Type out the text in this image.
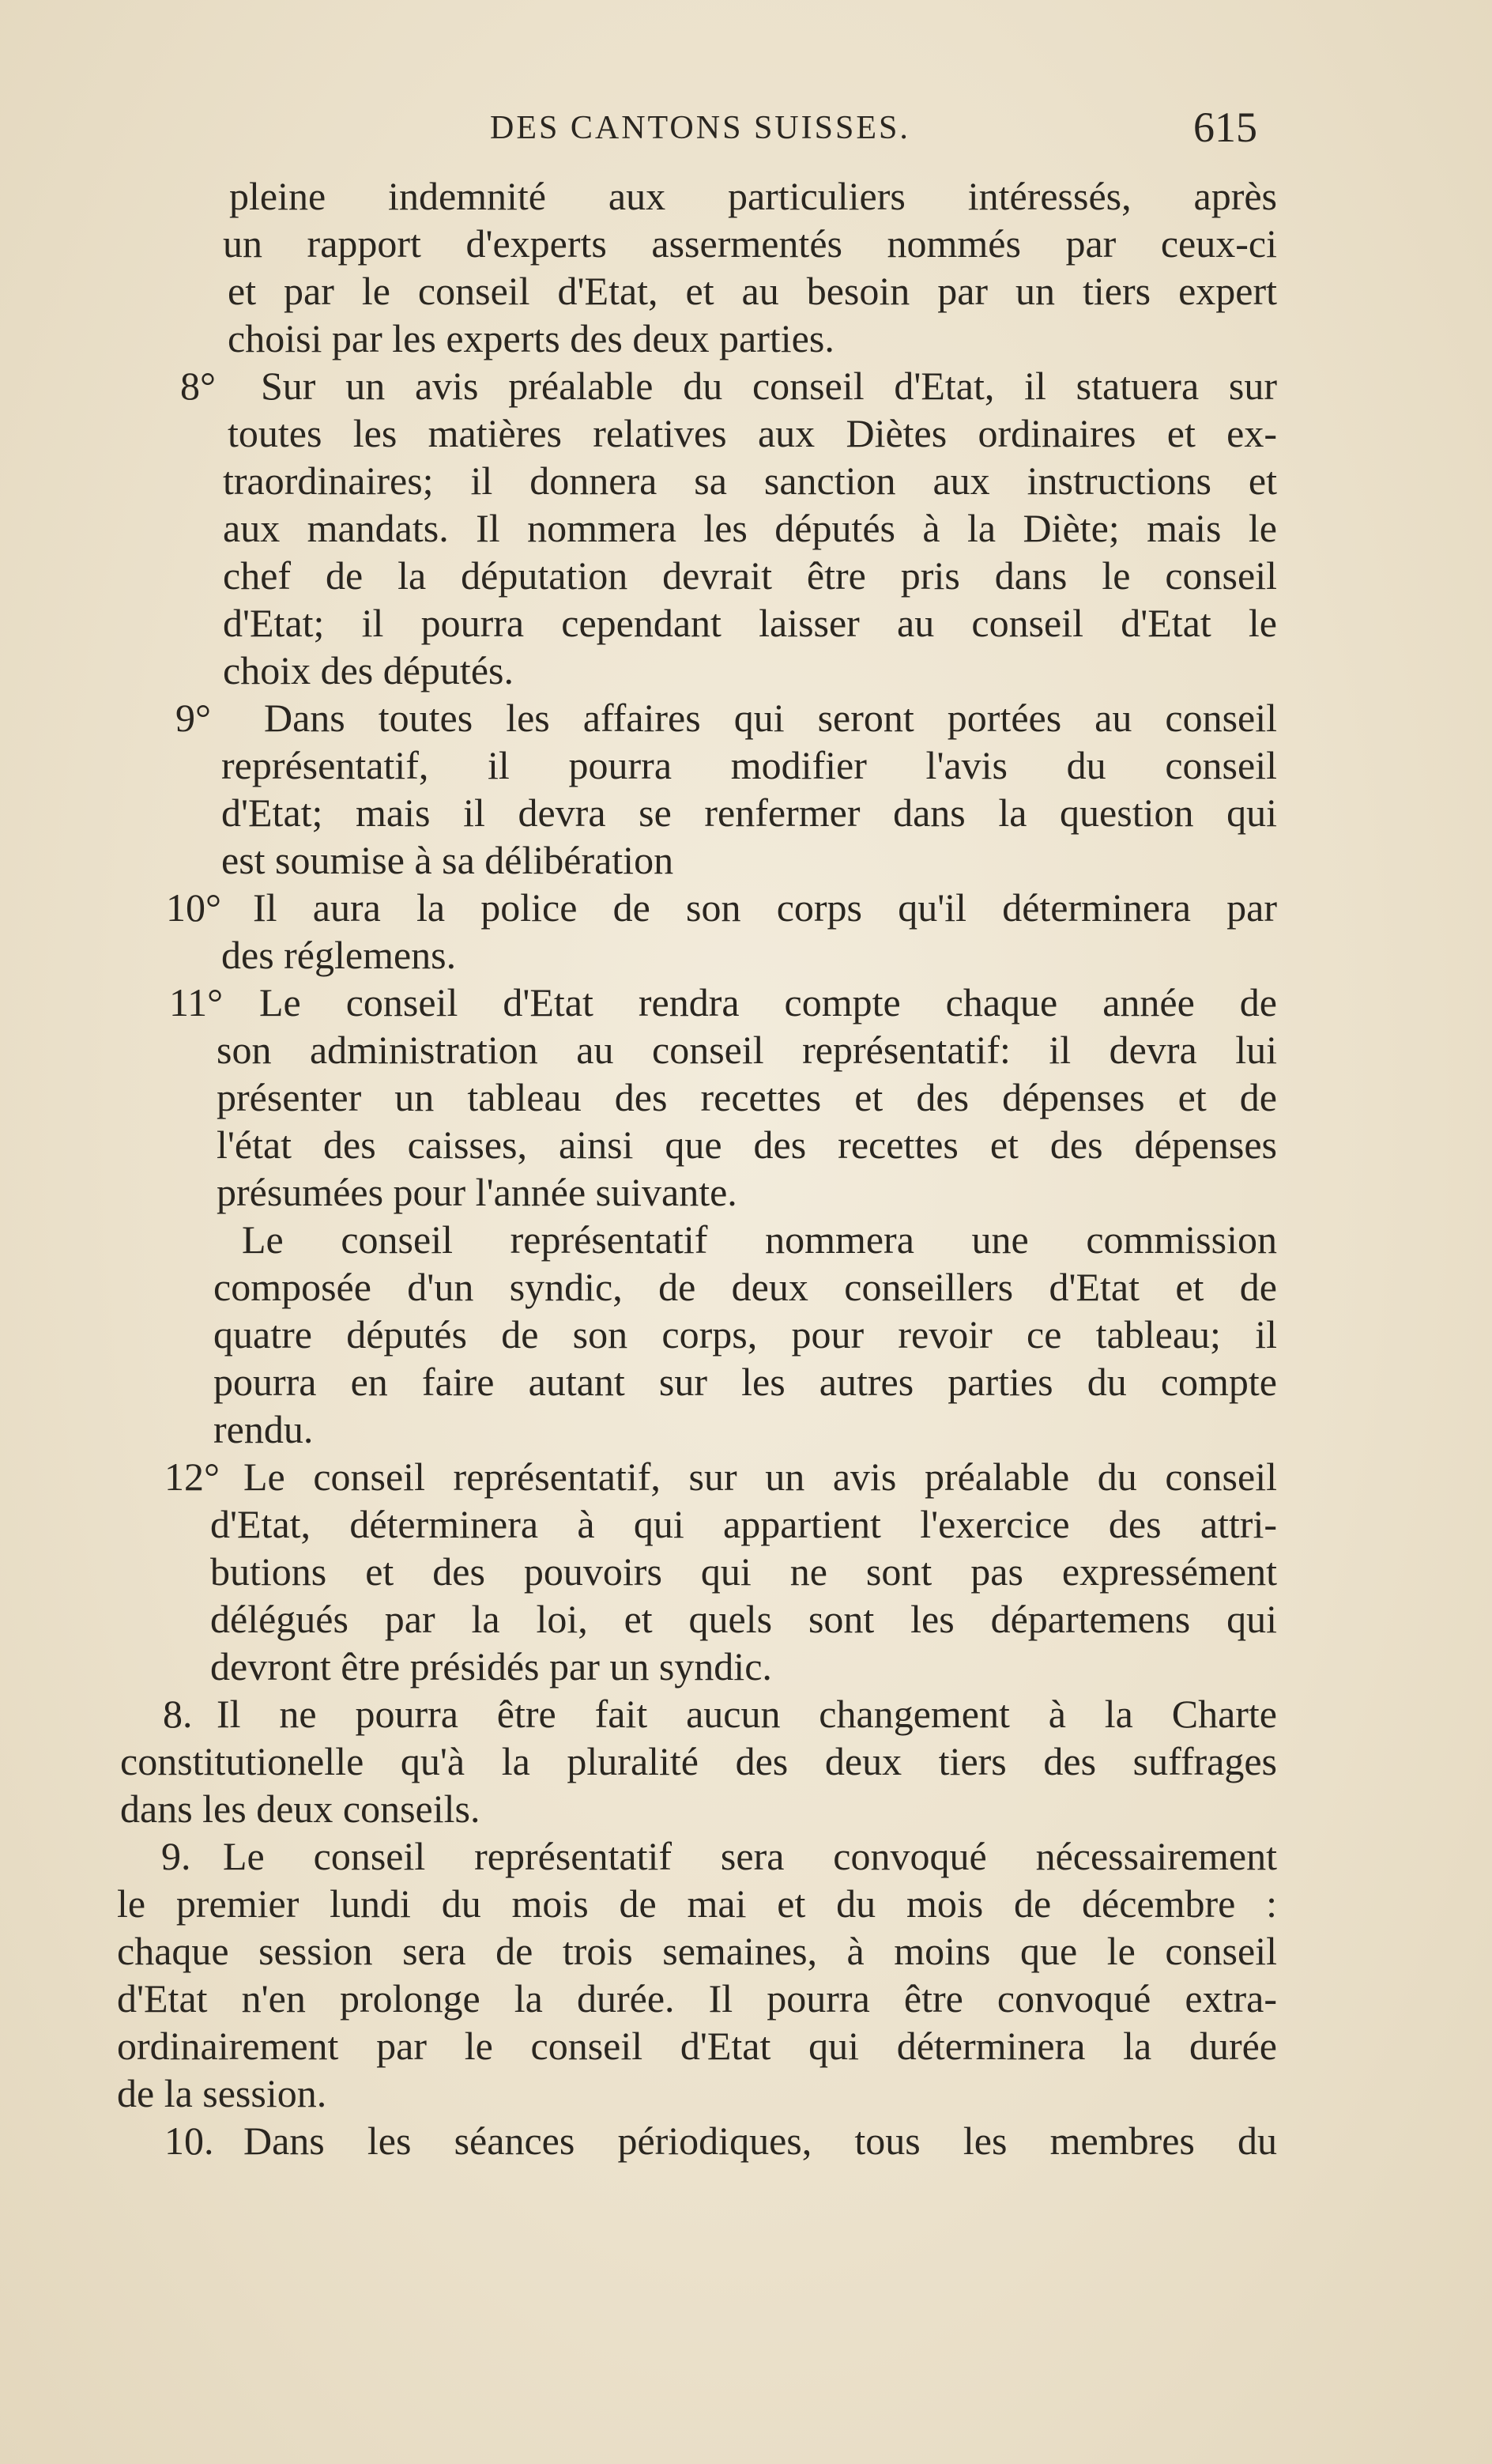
DES CANTONS SUISSES.	615
pleine indemnité aux particuliers intéressés, après
un rapport d'experts assermentés nommés par ceux-ci
et par le conseil d'Etat, et au besoin par un tiers expert
choisi par les experts des deux parties.
8° Sur un avis préalable du conseil d'Etat, il statuera sur
toutes les matières relatives aux Diètes ordinaires et ex-
traordinaires; il donnera sa sanction aux instructions et
aux mandats. Il nommera les députés à la Diète; mais le
chef de la députation devrait être pris dans le conseil
d'Etat; il pourra cependant laisser au conseil d'Etat le
choix des députés.
9° Dans toutes les affaires qui seront portées au conseil
représentatif, il pourra modifier l'avis du conseil
d'Etat; mais il devra se renfermer dans la question qui
est soumise à sa délibération
10° Il aura la police de son corps qu'il déterminera par
des réglemens.
11° Le conseil d'Etat rendra compte chaque année de
son administration au conseil représentatif: il devra lui
présenter un tableau des recettes et des dépenses et de
l'état des caisses, ainsi que des recettes et des dépenses
présumées pour l'année suivante.
Le conseil représentatif nommera une commission
composée d'un syndic, de deux conseillers d'Etat et de
quatre députés de son corps, pour revoir ce tableau; il
pourra en faire autant sur les autres parties du compte
rendu.
12° Le conseil représentatif, sur un avis préalable du conseil
d'Etat, déterminera à qui appartient l'exercice des attri-
butions et des pouvoirs qui ne sont pas expressément
délégués par la loi, et quels sont les départemens qui
devront être présidés par un syndic.
8. Il ne pourra être fait aucun changement à la Charte
constitutionelle qu'à la pluralité des deux tiers des suffrages
dans les deux conseils.
9. Le conseil représentatif sera convoqué nécessairement
le premier lundi du mois de mai et du mois de décembre :
chaque session sera de trois semaines, à moins que le conseil
d'Etat n'en prolonge la durée. Il pourra être convoqué extra-
ordinairement par le conseil d'Etat qui déterminera la durée
de la session.
10. Dans les séances périodiques, tous les membres du
